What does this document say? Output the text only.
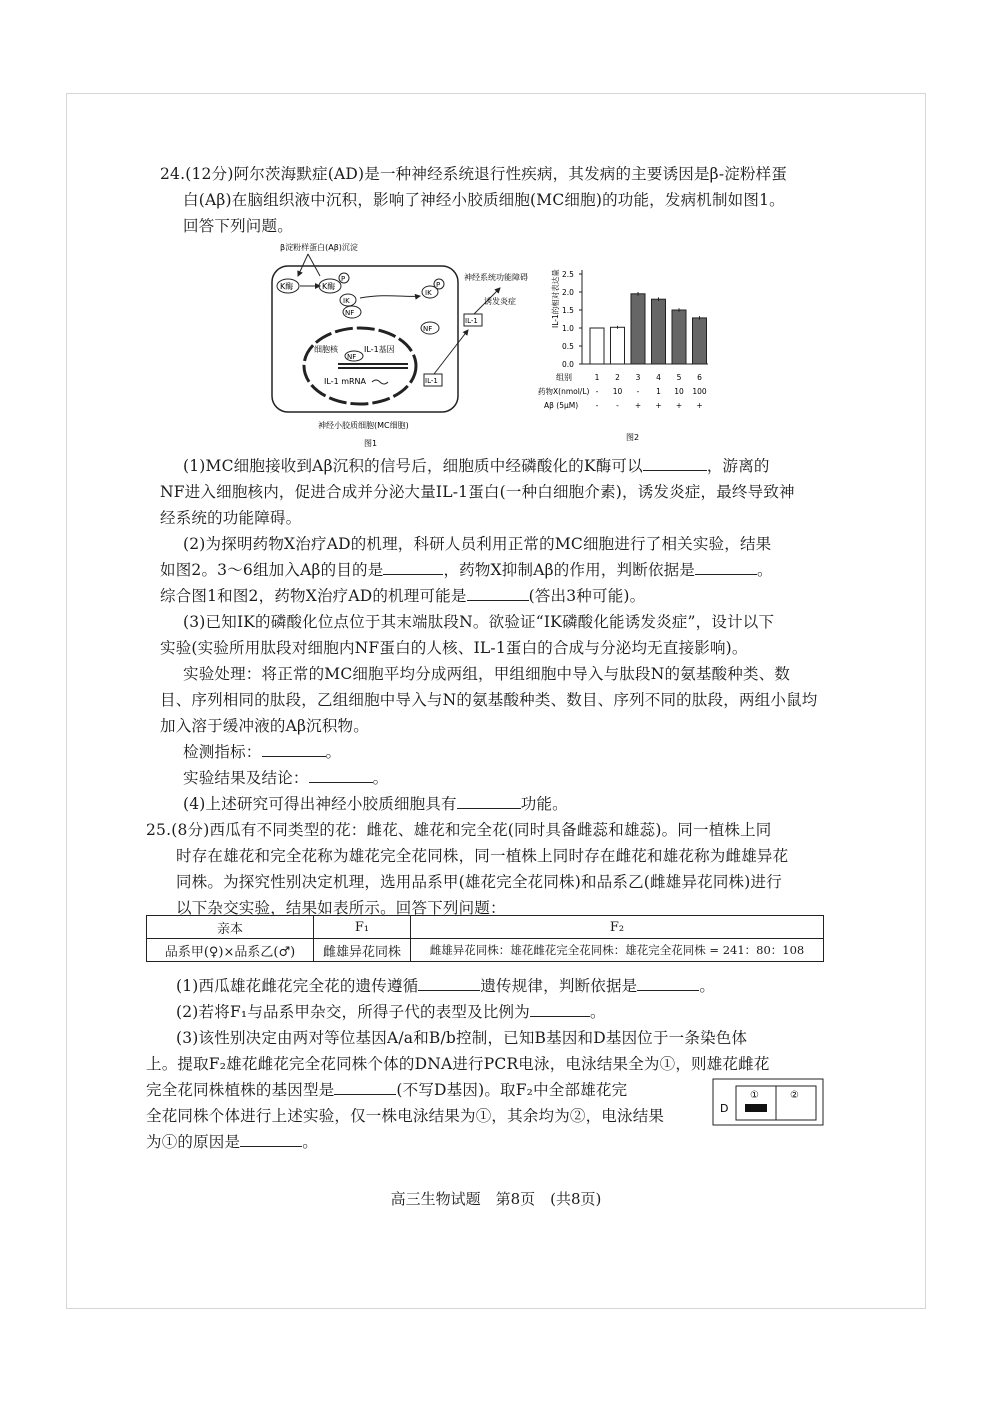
24.(12分)阿尔茨海默症(AD)是一种神经系统退行性疾病，其发病的主要诱因是β-淀粉样蛋
白(Aβ)在脑组织液中沉积，影响了神经小胶质细胞(MC细胞)的功能，发病机制如图1。
回答下列问题。
β淀粉样蛋白(Aβ)沉淀
K酶	K酶
P
IK
NF
IK
P
NF
细胞核	IL-1基因
NF
IL-1 mRNA
IL-1
IL-1
神经系统功能障碍
诱发炎症
神经小胶质细胞(MC细胞)
图1
IL-1的相对表达量
0.0
0.5
1.0
1.5
2.0
2.5
1
-
-
2
10
-
3
-
+
4
1
+
5
10
+
6
100
+
组别
药物X(nmol/L)
Aβ (5μM)
图2
(1)MC细胞接收到Aβ沉积的信号后，细胞质中经磷酸化的K酶可以	，游离的
NF进入细胞核内，促进合成并分泌大量IL-1蛋白(一种白细胞介素)，诱发炎症，最终导致神
经系统的功能障碍。
(2)为探明药物X治疗AD的机理，科研人员利用正常的MC细胞进行了相关实验，结果
如图2。3～6组加入Aβ的目的是	，药物X抑制Aβ的作用，判断依据是	。
综合图1和图2，药物X治疗AD的机理可能是	(答出3种可能)。
(3)已知IK的磷酸化位点位于其末端肽段N。欲验证“IK磷酸化能诱发炎症”，设计以下
实验(实验所用肽段对细胞内NF蛋白的人核、IL-1蛋白的合成与分泌均无直接影响)。
实验处理：将正常的MC细胞平均分成两组，甲组细胞中导入与肽段N的氨基酸种类、数
目、序列相同的肽段，乙组细胞中导入与N的氨基酸种类、数目、序列不同的肽段，两组小鼠均
加入溶于缓冲液的Aβ沉积物。
检测指标：	。
实验结果及结论：	。
(4)上述研究可得出神经小胶质细胞具有	功能。
25.(8分)西瓜有不同类型的花：雌花、雄花和完全花(同时具备雌蕊和雄蕊)。同一植株上同
时存在雄花和完全花称为雄花完全花同株，同一植株上同时存在雌花和雄花称为雌雄异花
同株。为探究性别决定机理，选用品系甲(雄花完全花同株)和品系乙(雌雄异花同株)进行
以下杂交实验，结果如表所示。回答下列问题：
亲本	F₁	F₂
品系甲(♀)×品系乙(♂)	雌雄异花同株	雌雄异花同株：雄花雌花完全花同株：雄花完全花同株 = 241：80：108
(1)西瓜雄花雌花完全花的遗传遵循	遗传规律，判断依据是	。
(2)若将F₁与品系甲杂交，所得子代的表型及比例为	。
(3)该性别决定由两对等位基因A/a和B/b控制，已知B基因和D基因位于一条染色体
上。提取F₂雄花雌花完全花同株个体的DNA进行PCR电泳，电泳结果全为①，则雄花雌花
完全花同株植株的基因型是	(不写D基因)。取F₂中全部雄花完
全花同株个体进行上述实验，仅一株电泳结果为①，其余均为②，电泳结果
为①的原因是	。
D
①	②
高三生物试题　第8页　(共8页)
